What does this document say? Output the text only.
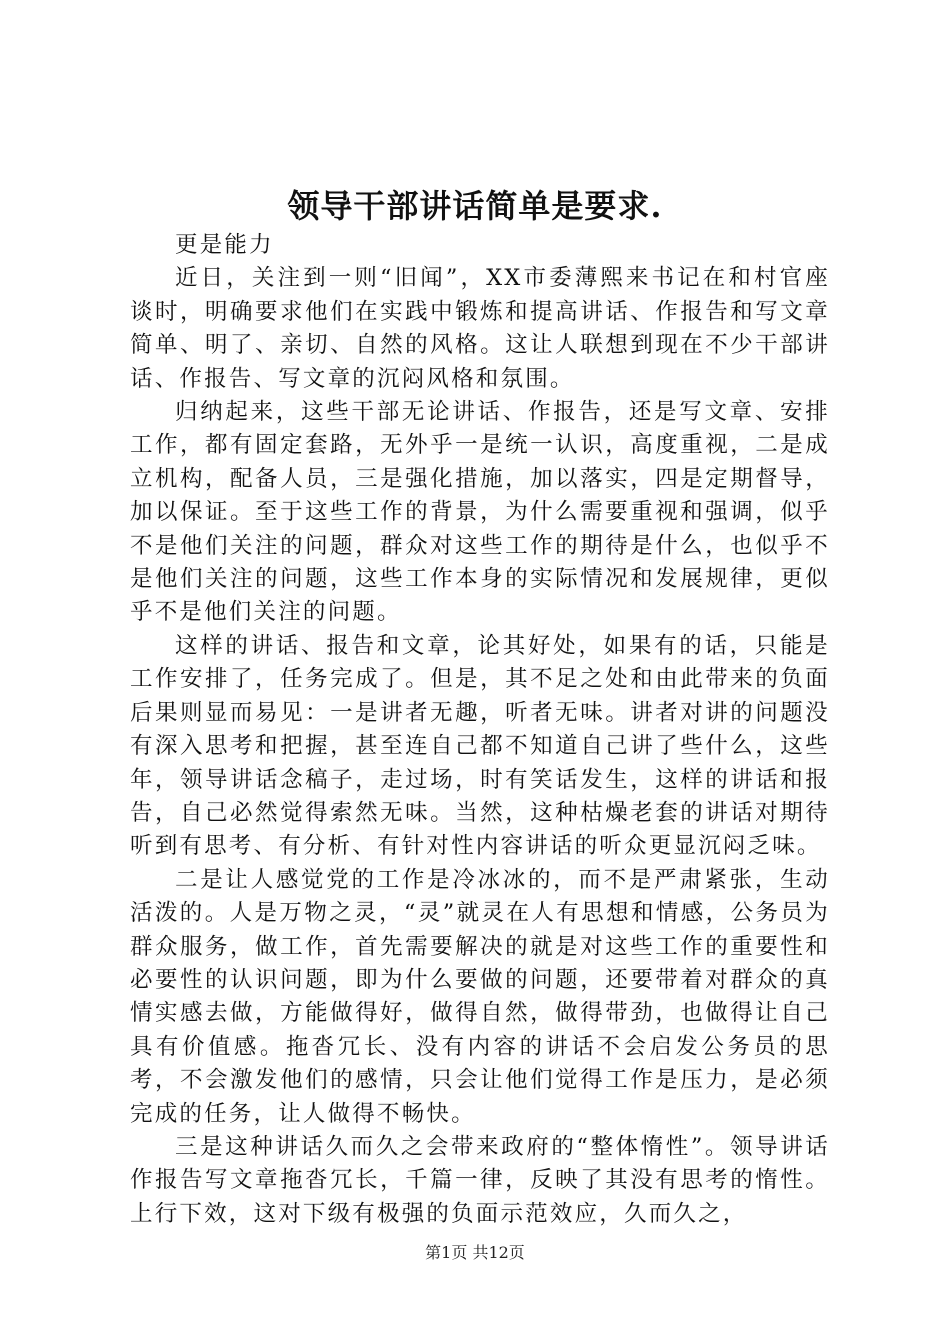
领导干部讲话简单是要求.

更是能力

近日，关注到一则“旧闻”，XX市委薄熙来书记在和村官座谈时，明确要求他们在实践中锻炼和提高讲话、作报告和写文章简单、明了、亲切、自然的风格。这让人联想到现在不少干部讲话、作报告、写文章的沉闷风格和氛围。

归纳起来，这些干部无论讲话、作报告，还是写文章、安排工作，都有固定套路，无外乎一是统一认识，高度重视，二是成立机构，配备人员，三是强化措施，加以落实，四是定期督导，加以保证。至于这些工作的背景，为什么需要重视和强调，似乎不是他们关注的问题，群众对这些工作的期待是什么，也似乎不是他们关注的问题，这些工作本身的实际情况和发展规律，更似乎不是他们关注的问题。

这样的讲话、报告和文章，论其好处，如果有的话，只能是工作安排了，任务完成了。但是，其不足之处和由此带来的负面后果则显而易见：一是讲者无趣，听者无味。讲者对讲的问题没有深入思考和把握，甚至连自己都不知道自己讲了些什么，这些年，领导讲话念稿子，走过场，时有笑话发生，这样的讲话和报告，自己必然觉得索然无味。当然，这种枯燥老套的讲话对期待听到有思考、有分析、有针对性内容讲话的听众更显沉闷乏味。

二是让人感觉党的工作是冷冰冰的，而不是严肃紧张，生动活泼的。人是万物之灵，“灵”就灵在人有思想和情感，公务员为群众服务，做工作，首先需要解决的就是对这些工作的重要性和必要性的认识问题，即为什么要做的问题，还要带着对群众的真情实感去做，方能做得好，做得自然，做得带劲，也做得让自己具有价值感。拖沓冗长、没有内容的讲话不会启发公务员的思考，不会激发他们的感情，只会让他们觉得工作是压力，是必须完成的任务，让人做得不畅快。

三是这种讲话久而久之会带来政府的“整体惰性”。领导讲话作报告写文章拖沓冗长，千篇一律，反映了其没有思考的惰性。上行下效，这对下级有极强的负面示范效应，久而久之，

第1页 共12页
